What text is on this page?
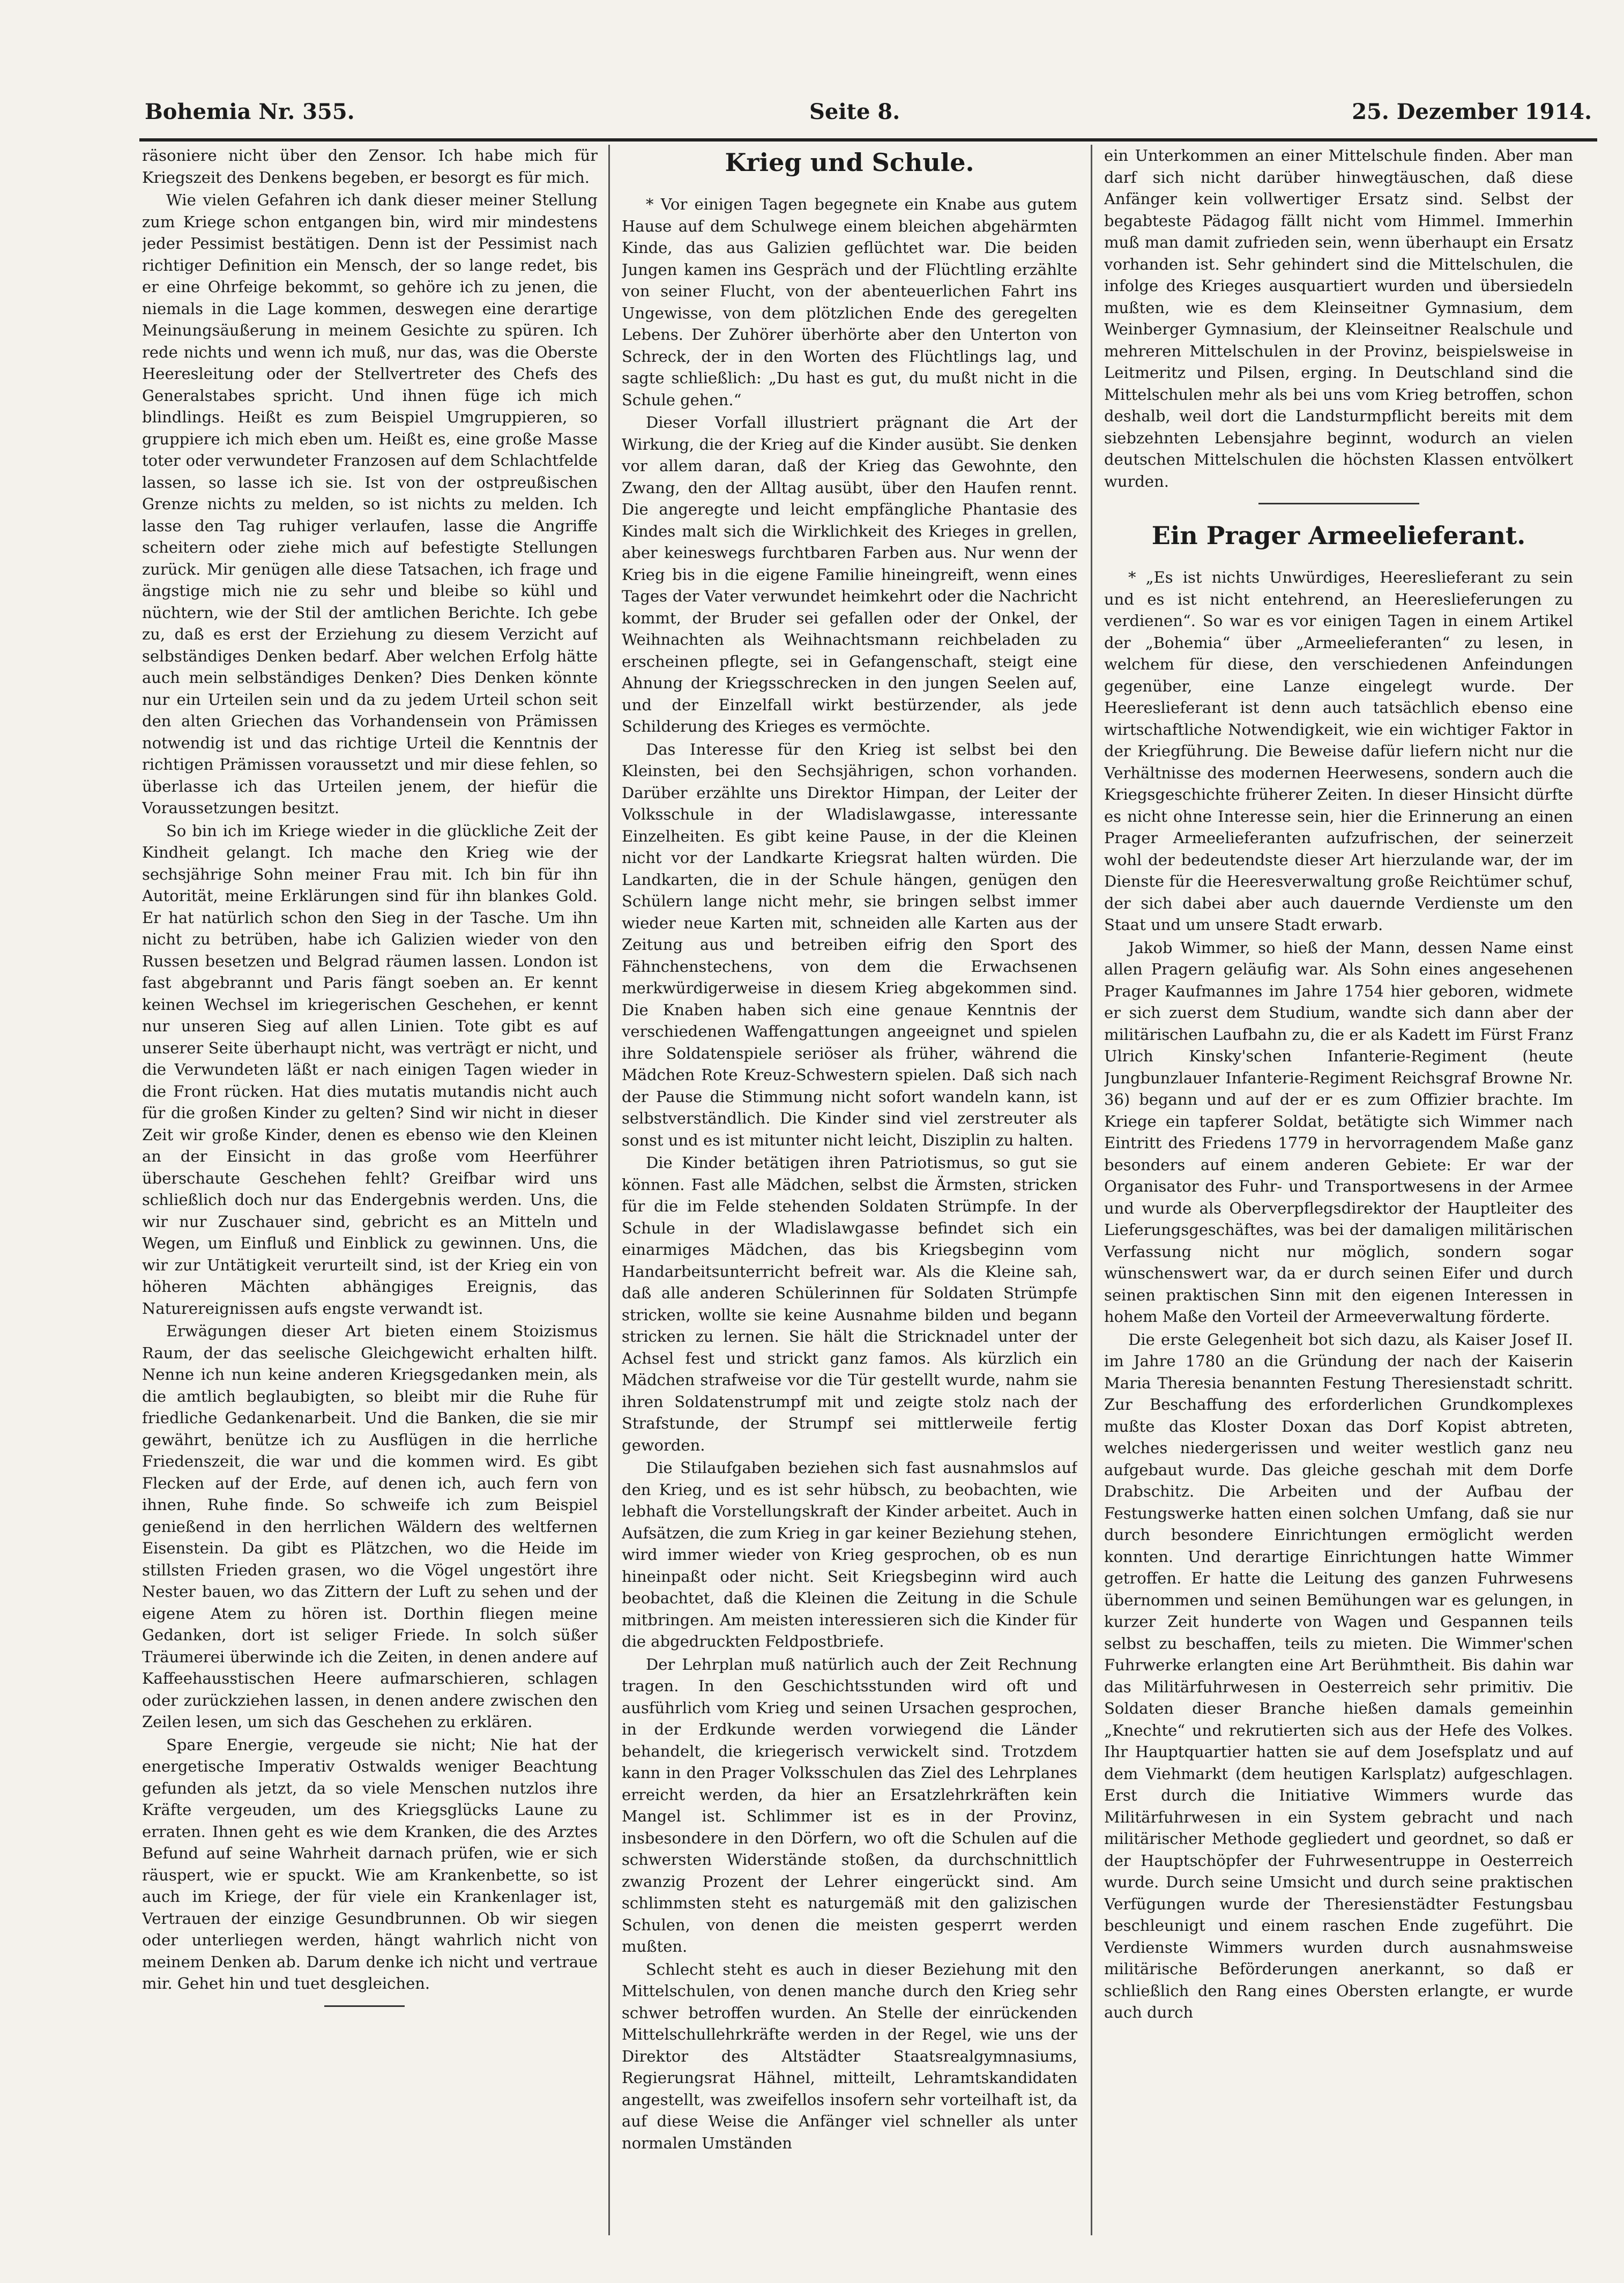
Bohemia Nr. 355.	Seite 8.	25. Dezember 1914.

räsoniere nicht über den Zensor. Ich habe mich für Kriegszeit des Denkens begeben, er besorgt es für mich.

Wie vielen Gefahren ich dank dieser meiner Stellung zum Kriege schon entgangen bin, wird mir mindestens jeder Pessimist bestätigen. Denn ist der Pessimist nach richtiger Definition ein Mensch, der so lange redet, bis er eine Ohrfeige bekommt, so gehöre ich zu jenen, die niemals in die Lage kommen, deswegen eine derartige Meinungsäußerung in meinem Gesichte zu spüren. Ich rede nichts und wenn ich muß, nur das, was die Oberste Heeresleitung oder der Stellvertreter des Chefs des Generalstabes spricht. Und ihnen füge ich mich blindlings. Heißt es zum Beispiel Umgruppieren, so gruppiere ich mich eben um. Heißt es, eine große Masse toter oder verwundeter Franzosen auf dem Schlachtfelde lassen, so lasse ich sie. Ist von der ostpreußischen Grenze nichts zu melden, so ist nichts zu melden. Ich lasse den Tag ruhiger verlaufen, lasse die Angriffe scheitern oder ziehe mich auf befestigte Stellungen zurück. Mir genügen alle diese Tatsachen, ich frage und ängstige mich nie zu sehr und bleibe so kühl und nüchtern, wie der Stil der amtlichen Berichte. Ich gebe zu, daß es erst der Erziehung zu diesem Verzicht auf selbständiges Denken bedarf. Aber welchen Erfolg hätte auch mein selbständiges Denken? Dies Denken könnte nur ein Urteilen sein und da zu jedem Urteil schon seit den alten Griechen das Vorhandensein von Prämissen notwendig ist und das richtige Urteil die Kenntnis der richtigen Prämissen voraussetzt und mir diese fehlen, so überlasse ich das Urteilen jenem, der hiefür die Voraussetzungen besitzt.

So bin ich im Kriege wieder in die glückliche Zeit der Kindheit gelangt. Ich mache den Krieg wie der sechsjährige Sohn meiner Frau mit. Ich bin für ihn Autorität, meine Erklärungen sind für ihn blankes Gold. Er hat natürlich schon den Sieg in der Tasche. Um ihn nicht zu betrüben, habe ich Galizien wieder von den Russen besetzen und Belgrad räumen lassen. London ist fast abgebrannt und Paris fängt soeben an. Er kennt keinen Wechsel im kriegerischen Geschehen, er kennt nur unseren Sieg auf allen Linien. Tote gibt es auf unserer Seite überhaupt nicht, was verträgt er nicht, und die Verwundeten läßt er nach einigen Tagen wieder in die Front rücken. Hat dies mutatis mutandis nicht auch für die großen Kinder zu gelten? Sind wir nicht in dieser Zeit wir große Kinder, denen es ebenso wie den Kleinen an der Einsicht in das große vom Heerführer überschaute Geschehen fehlt? Greifbar wird uns schließlich doch nur das Endergebnis werden. Uns, die wir nur Zuschauer sind, gebricht es an Mitteln und Wegen, um Einfluß und Einblick zu gewinnen. Uns, die wir zur Untätigkeit verurteilt sind, ist der Krieg ein von höheren Mächten abhängiges Ereignis, das Naturereignissen aufs engste verwandt ist.

Erwägungen dieser Art bieten einem Stoizismus Raum, der das seelische Gleichgewicht erhalten hilft. Nenne ich nun keine anderen Kriegsgedanken mein, als die amtlich beglaubigten, so bleibt mir die Ruhe für friedliche Gedankenarbeit. Und die Banken, die sie mir gewährt, benütze ich zu Ausflügen in die herrliche Friedenszeit, die war und die kommen wird. Es gibt Flecken auf der Erde, auf denen ich, auch fern von ihnen, Ruhe finde. So schweife ich zum Beispiel genießend in den herrlichen Wäldern des weltfernen Eisenstein. Da gibt es Plätzchen, wo die Heide im stillsten Frieden grasen, wo die Vögel ungestört ihre Nester bauen, wo das Zittern der Luft zu sehen und der eigene Atem zu hören ist. Dorthin fliegen meine Gedanken, dort ist seliger Friede. In solch süßer Träumerei überwinde ich die Zeiten, in denen andere auf Kaffeehausstischen Heere aufmarschieren, schlagen oder zurückziehen lassen, in denen andere zwischen den Zeilen lesen, um sich das Geschehen zu erklären.

Spare Energie, vergeude sie nicht; Nie hat der energetische Imperativ Ostwalds weniger Beachtung gefunden als jetzt, da so viele Menschen nutzlos ihre Kräfte vergeuden, um des Kriegsglücks Laune zu erraten. Ihnen geht es wie dem Kranken, die des Arztes Befund auf seine Wahrheit darnach prüfen, wie er sich räuspert, wie er spuckt. Wie am Krankenbette, so ist auch im Kriege, der für viele ein Krankenlager ist, Vertrauen der einzige Gesundbrunnen. Ob wir siegen oder unterliegen werden, hängt wahrlich nicht von meinem Denken ab. Darum denke ich nicht und vertraue mir. Gehet hin und tuet desgleichen.

Krieg und Schule.

* Vor einigen Tagen begegnete ein Knabe aus gutem Hause auf dem Schulwege einem bleichen abgehärmten Kinde, das aus Galizien geflüchtet war. Die beiden Jungen kamen ins Gespräch und der Flüchtling erzählte von seiner Flucht, von der abenteuerlichen Fahrt ins Ungewisse, von dem plötzlichen Ende des geregelten Lebens. Der Zuhörer überhörte aber den Unterton von Schreck, der in den Worten des Flüchtlings lag, und sagte schließlich: „Du hast es gut, du mußt nicht in die Schule gehen.“

Dieser Vorfall illustriert prägnant die Art der Wirkung, die der Krieg auf die Kinder ausübt. Sie denken vor allem daran, daß der Krieg das Gewohnte, den Zwang, den der Alltag ausübt, über den Haufen rennt. Die angeregte und leicht empfängliche Phantasie des Kindes malt sich die Wirklichkeit des Krieges in grellen, aber keineswegs furchtbaren Farben aus. Nur wenn der Krieg bis in die eigene Familie hineingreift, wenn eines Tages der Vater verwundet heimkehrt oder die Nachricht kommt, der Bruder sei gefallen oder der Onkel, der Weihnachten als Weihnachtsmann reichbeladen zu erscheinen pflegte, sei in Gefangenschaft, steigt eine Ahnung der Kriegsschrecken in den jungen Seelen auf, und der Einzelfall wirkt bestürzender, als jede Schilderung des Krieges es vermöchte.

Das Interesse für den Krieg ist selbst bei den Kleinsten, bei den Sechsjährigen, schon vorhanden. Darüber erzählte uns Direktor Himpan, der Leiter der Volksschule in der Wladislawgasse, interessante Einzelheiten. Es gibt keine Pause, in der die Kleinen nicht vor der Landkarte Kriegsrat halten würden. Die Landkarten, die in der Schule hängen, genügen den Schülern lange nicht mehr, sie bringen selbst immer wieder neue Karten mit, schneiden alle Karten aus der Zeitung aus und betreiben eifrig den Sport des Fähnchenstechens, von dem die Erwachsenen merkwürdigerweise in diesem Krieg abgekommen sind. Die Knaben haben sich eine genaue Kenntnis der verschiedenen Waffengattungen angeeignet und spielen ihre Soldatenspiele seriöser als früher, während die Mädchen Rote Kreuz-Schwestern spielen. Daß sich nach der Pause die Stimmung nicht sofort wandeln kann, ist selbstverständlich. Die Kinder sind viel zerstreuter als sonst und es ist mitunter nicht leicht, Disziplin zu halten.

Die Kinder betätigen ihren Patriotismus, so gut sie können. Fast alle Mädchen, selbst die Ärmsten, stricken für die im Felde stehenden Soldaten Strümpfe. In der Schule in der Wladislawgasse befindet sich ein einarmiges Mädchen, das bis Kriegsbeginn vom Handarbeitsunterricht befreit war. Als die Kleine sah, daß alle anderen Schülerinnen für Soldaten Strümpfe stricken, wollte sie keine Ausnahme bilden und begann stricken zu lernen. Sie hält die Stricknadel unter der Achsel fest und strickt ganz famos. Als kürzlich ein Mädchen strafweise vor die Tür gestellt wurde, nahm sie ihren Soldatenstrumpf mit und zeigte stolz nach der Strafstunde, der Strumpf sei mittlerweile fertig geworden.

Die Stilaufgaben beziehen sich fast ausnahmslos auf den Krieg, und es ist sehr hübsch, zu beobachten, wie lebhaft die Vorstellungskraft der Kinder arbeitet. Auch in Aufsätzen, die zum Krieg in gar keiner Beziehung stehen, wird immer wieder von Krieg gesprochen, ob es nun hineinpaßt oder nicht. Seit Kriegsbeginn wird auch beobachtet, daß die Kleinen die Zeitung in die Schule mitbringen. Am meisten interessieren sich die Kinder für die abgedruckten Feldpostbriefe.

Der Lehrplan muß natürlich auch der Zeit Rechnung tragen. In den Geschichtsstunden wird oft und ausführlich vom Krieg und seinen Ursachen gesprochen, in der Erdkunde werden vorwiegend die Länder behandelt, die kriegerisch verwickelt sind. Trotzdem kann in den Prager Volksschulen das Ziel des Lehrplanes erreicht werden, da hier an Ersatzlehrkräften kein Mangel ist. Schlimmer ist es in der Provinz, insbesondere in den Dörfern, wo oft die Schulen auf die schwersten Widerstände stoßen, da durchschnittlich zwanzig Prozent der Lehrer eingerückt sind. Am schlimmsten steht es naturgemäß mit den galizischen Schulen, von denen die meisten gesperrt werden mußten.

Schlecht steht es auch in dieser Beziehung mit den Mittelschulen, von denen manche durch den Krieg sehr schwer betroffen wurden. An Stelle der einrückenden Mittelschullehrkräfte werden in der Regel, wie uns der Direktor des Altstädter Staatsrealgymnasiums, Regierungsrat Hähnel, mitteilt, Lehramtskandidaten angestellt, was zweifellos insofern sehr vorteilhaft ist, da auf diese Weise die Anfänger viel schneller als unter normalen Umständen

ein Unterkommen an einer Mittelschule finden. Aber man darf sich nicht darüber hinwegtäuschen, daß diese Anfänger kein vollwertiger Ersatz sind. Selbst der begabteste Pädagog fällt nicht vom Himmel. Immerhin muß man damit zufrieden sein, wenn überhaupt ein Ersatz vorhanden ist. Sehr gehindert sind die Mittelschulen, die infolge des Krieges ausquartiert wurden und übersiedeln mußten, wie es dem Kleinseitner Gymnasium, dem Weinberger Gymnasium, der Kleinseitner Realschule und mehreren Mittelschulen in der Provinz, beispielsweise in Leitmeritz und Pilsen, erging. In Deutschland sind die Mittelschulen mehr als bei uns vom Krieg betroffen, schon deshalb, weil dort die Landsturmpflicht bereits mit dem siebzehnten Lebensjahre beginnt, wodurch an vielen deutschen Mittelschulen die höchsten Klassen entvölkert wurden.

Ein Prager Armeelieferant.

* „Es ist nichts Unwürdiges, Heereslieferant zu sein und es ist nicht entehrend, an Heereslieferungen zu verdienen“. So war es vor einigen Tagen in einem Artikel der „Bohemia“ über „Armeelieferanten“ zu lesen, in welchem für diese, den verschiedenen Anfeindungen gegenüber, eine Lanze eingelegt wurde. Der Heereslieferant ist denn auch tatsächlich ebenso eine wirtschaftliche Notwendigkeit, wie ein wichtiger Faktor in der Kriegführung. Die Beweise dafür liefern nicht nur die Verhältnisse des modernen Heerwesens, sondern auch die Kriegsgeschichte früherer Zeiten. In dieser Hinsicht dürfte es nicht ohne Interesse sein, hier die Erinnerung an einen Prager Armeelieferanten aufzufrischen, der seinerzeit wohl der bedeutendste dieser Art hierzulande war, der im Dienste für die Heeresverwaltung große Reichtümer schuf, der sich dabei aber auch dauernde Verdienste um den Staat und um unsere Stadt erwarb.

Jakob Wimmer, so hieß der Mann, dessen Name einst allen Pragern geläufig war. Als Sohn eines angesehenen Prager Kaufmannes im Jahre 1754 hier geboren, widmete er sich zuerst dem Studium, wandte sich dann aber der militärischen Laufbahn zu, die er als Kadett im Fürst Franz Ulrich Kinsky'schen Infanterie-Regiment (heute Jungbunzlauer Infanterie-Regiment Reichsgraf Browne Nr. 36) begann und auf der er es zum Offizier brachte. Im Kriege ein tapferer Soldat, betätigte sich Wimmer nach Eintritt des Friedens 1779 in hervorragendem Maße ganz besonders auf einem anderen Gebiete: Er war der Organisator des Fuhr- und Transportwesens in der Armee und wurde als Oberverpflegsdirektor der Hauptleiter des Lieferungsgeschäftes, was bei der damaligen militärischen Verfassung nicht nur möglich, sondern sogar wünschenswert war, da er durch seinen Eifer und durch seinen praktischen Sinn mit den eigenen Interessen in hohem Maße den Vorteil der Armeeverwaltung förderte.

Die erste Gelegenheit bot sich dazu, als Kaiser Josef II. im Jahre 1780 an die Gründung der nach der Kaiserin Maria Theresia benannten Festung Theresienstadt schritt. Zur Beschaffung des erforderlichen Grundkomplexes mußte das Kloster Doxan das Dorf Kopist abtreten, welches niedergerissen und weiter westlich ganz neu aufgebaut wurde. Das gleiche geschah mit dem Dorfe Drabschitz. Die Arbeiten und der Aufbau der Festungswerke hatten einen solchen Umfang, daß sie nur durch besondere Einrichtungen ermöglicht werden konnten. Und derartige Einrichtungen hatte Wimmer getroffen. Er hatte die Leitung des ganzen Fuhrwesens übernommen und seinen Bemühungen war es gelungen, in kurzer Zeit hunderte von Wagen und Gespannen teils selbst zu beschaffen, teils zu mieten. Die Wimmer'schen Fuhrwerke erlangten eine Art Berühmtheit. Bis dahin war das Militärfuhrwesen in Oesterreich sehr primitiv. Die Soldaten dieser Branche hießen damals gemeinhin „Knechte“ und rekrutierten sich aus der Hefe des Volkes. Ihr Hauptquartier hatten sie auf dem Josefsplatz und auf dem Viehmarkt (dem heutigen Karlsplatz) aufgeschlagen. Erst durch die Initiative Wimmers wurde das Militärfuhrwesen in ein System gebracht und nach militärischer Methode gegliedert und geordnet, so daß er der Hauptschöpfer der Fuhrwesentruppe in Oesterreich wurde. Durch seine Umsicht und durch seine praktischen Verfügungen wurde der Theresienstädter Festungsbau beschleunigt und einem raschen Ende zugeführt. Die Verdienste Wimmers wurden durch ausnahmsweise militärische Beförderungen anerkannt, so daß er schließlich den Rang eines Obersten erlangte, er wurde auch durch
